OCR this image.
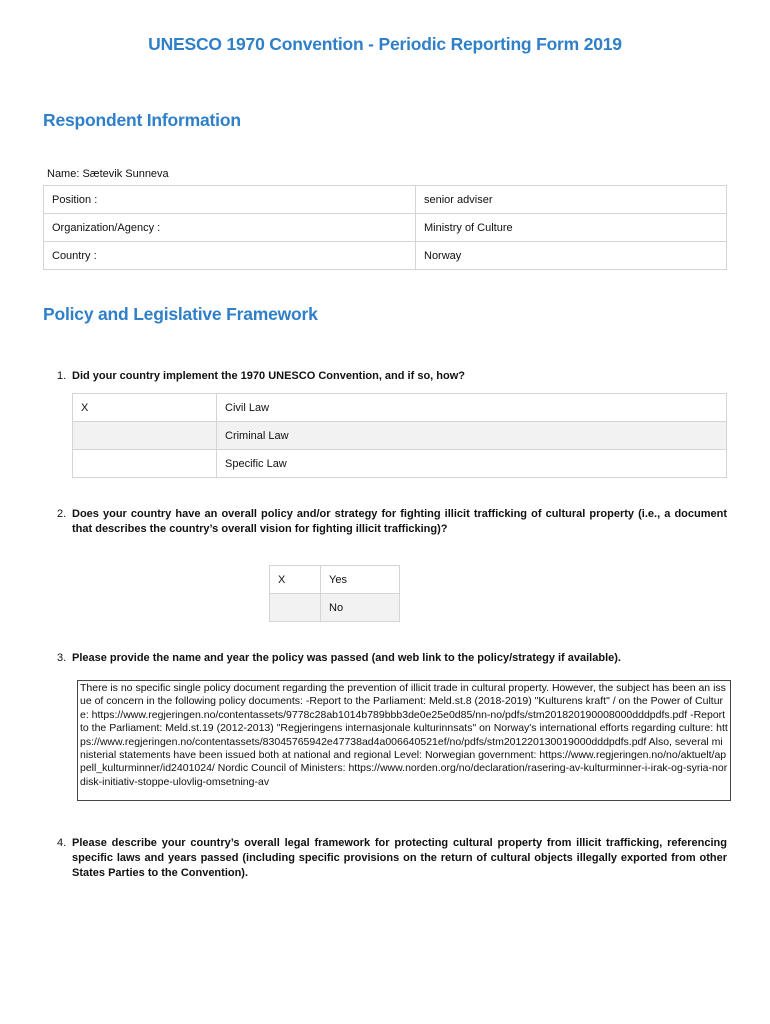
UNESCO 1970 Convention - Periodic Reporting Form 2019
Respondent Information
Name: Sætevik Sunneva
Position :	senior adviser
Organization/Agency :	Ministry of Culture
Country :	Norway
Policy and Legislative Framework
1. Did your country implement the 1970 UNESCO Convention, and if so, how?
X	Civil Law
	Criminal Law
	Specific Law
2. Does your country have an overall policy and/or strategy for fighting illicit trafficking of cultural property (i.e., a document that describes the country’s overall vision for fighting illicit trafficking)?
X	Yes
	No
3. Please provide the name and year the policy was passed (and web link to the policy/strategy if available).
There is no specific single policy document regarding the prevention of illicit trade in cultural property. However, the subject has been an issue of concern in the following policy documents: -Report to the Parliament: Meld.st.8 (2018-2019) "Kulturens kraft" / on the Power of Culture: https://www.regjeringen.no/contentassets/9778c28ab1014b789bbb3de0e25e0d85/nn-no/pdfs/stm201820190008000dddpdfs.pdf -Report to the Parliament: Meld.st.19 (2012-2013) "Regjeringens internasjonale kulturinnsats" on Norway's international efforts regarding culture: https://www.regjeringen.no/contentassets/83045765942e47738ad4a006640521ef/no/pdfs/stm201220130019000dddpdfs.pdf Also, several ministerial statements have been issued both at national and regional Level: Norwegian government: https://www.regjeringen.no/no/aktuelt/appell_kulturminner/id2401024/ Nordic Council of Ministers: https://www.norden.org/no/declaration/rasering-av-kulturminner-i-irak-og-syria-nordisk-initiativ-stoppe-ulovlig-omsetning-av
4. Please describe your country’s overall legal framework for protecting cultural property from illicit trafficking, referencing specific laws and years passed (including specific provisions on the return of cultural objects illegally exported from other States Parties to the Convention).
